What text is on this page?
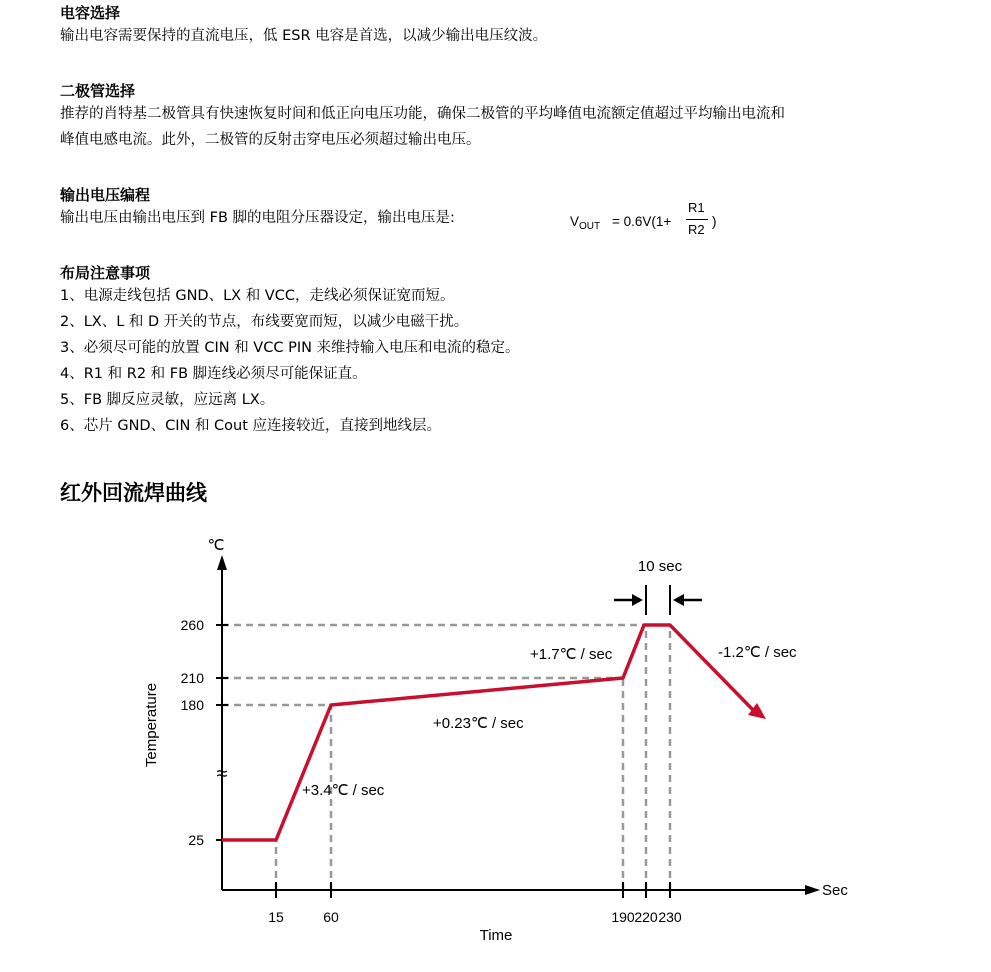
电容选择

输出电容需要保持的直流电压，低 ESR 电容是首选，以减少输出电压纹波。

二极管选择

推荐的肖特基二极管具有快速恢复时间和低正向电压功能，确保二极管的平均峰值电流额定值超过平均输出电流和

峰值电感电流。此外，二极管的反射击穿电压必须超过输出电压。

输出电压编程

输出电压由输出电压到 FB 脚的电阻分压器设定，输出电压是:	$V_{OUT} = 0.6V(1+$
R1
R2
)

布局注意事项

1、电源走线包括 GND、LX 和 VCC，走线必须保证宽而短。

2、LX、L 和 D 开关的节点，布线要宽而短，以减少电磁干扰。

3、必须尽可能的放置 CIN 和 VCC PIN 来维持输入电压和电流的稳定。

4、R1 和 R2 和 FB 脚连线必须尽可能保证直。

5、FB 脚反应灵敏，应远离 LX。

6、芯片 GND、CIN 和 Cout 应连接较近，直接到地线层。

红外回流焊曲线

≈
25
180
210
260
15	60	190 220 230
℃
Sec
Time
Temperature
+3.4℃ / sec
+0.23℃ / sec
+1.7℃ / sec	-1.2℃ / sec
10 sec
